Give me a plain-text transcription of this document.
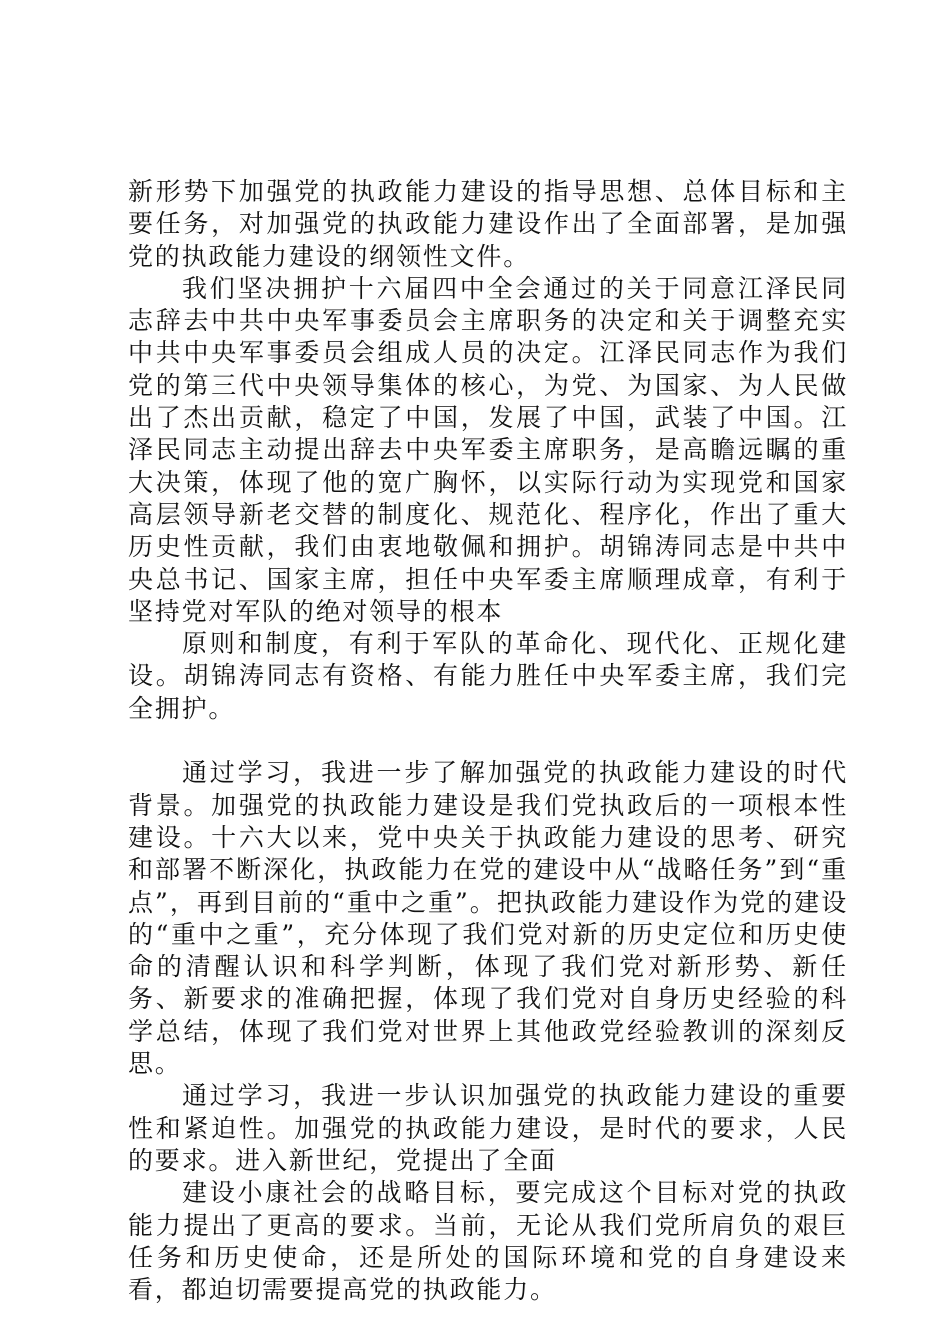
新形势下加强党的执政能力建设的指导思想、总体目标和主要任务，对加强党的执政能力建设作出了全面部署，是加强党的执政能力建设的纲领性文件。

我们坚决拥护十六届四中全会通过的关于同意江泽民同志辞去中共中央军事委员会主席职务的决定和关于调整充实中共中央军事委员会组成人员的决定。江泽民同志作为我们党的第三代中央领导集体的核心，为党、为国家、为人民做出了杰出贡献，稳定了中国，发展了中国，武装了中国。江泽民同志主动提出辞去中央军委主席职务，是高瞻远瞩的重大决策，体现了他的宽广胸怀，以实际行动为实现党和国家高层领导新老交替的制度化、规范化、程序化，作出了重大历史性贡献，我们由衷地敬佩和拥护。胡锦涛同志是中共中央总书记、国家主席，担任中央军委主席顺理成章，有利于坚持党对军队的绝对领导的根本

原则和制度，有利于军队的革命化、现代化、正规化建设。胡锦涛同志有资格、有能力胜任中央军委主席，我们完全拥护。

通过学习，我进一步了解加强党的执政能力建设的时代背景。加强党的执政能力建设是我们党执政后的一项根本性建设。十六大以来，党中央关于执政能力建设的思考、研究和部署不断深化，执政能力在党的建设中从“战略任务”到“重点”，再到目前的“重中之重”。把执政能力建设作为党的建设的“重中之重”，充分体现了我们党对新的历史定位和历史使命的清醒认识和科学判断，体现了我们党对新形势、新任务、新要求的准确把握，体现了我们党对自身历史经验的科学总结，体现了我们党对世界上其他政党经验教训的深刻反思。

通过学习，我进一步认识加强党的执政能力建设的重要性和紧迫性。加强党的执政能力建设，是时代的要求，人民的要求。进入新世纪，党提出了全面

建设小康社会的战略目标，要完成这个目标对党的执政能力提出了更高的要求。当前，无论从我们党所肩负的艰巨任务和历史使命，还是所处的国际环境和党的自身建设来看，都迫切需要提高党的执政能力。
